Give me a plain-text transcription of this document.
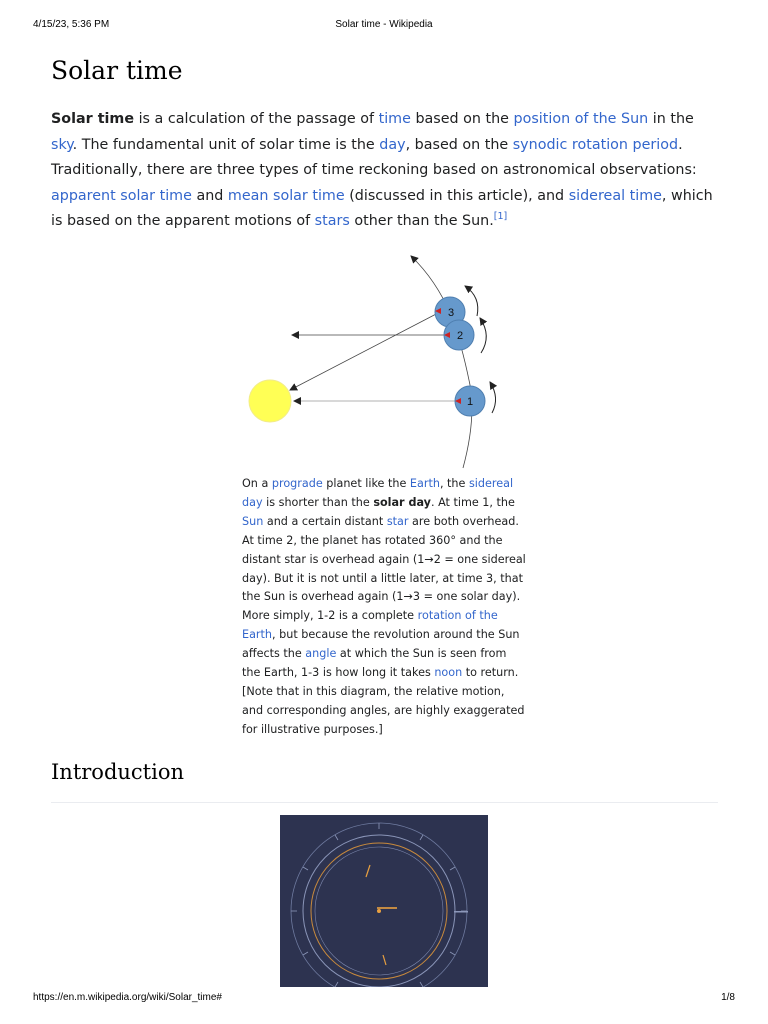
4/15/23, 5:36 PM	Solar time - Wikipedia
Solar time

Solar time is a calculation of the passage of time based on the position of the Sun in the sky. The fundamental unit of solar time is the day, based on the synodic rotation period. Traditionally, there are three types of time reckoning based on astronomical observations: apparent solar time and mean solar time (discussed in this article), and sidereal time, which is based on the apparent motions of stars other than the Sun.[1]

3
2
1

On a prograde planet like the Earth, the sidereal day is shorter than the solar day. At time 1, the Sun and a certain distant star are both overhead. At time 2, the planet has rotated 360° and the distant star is overhead again (1→2 = one sidereal day). But it is not until a little later, at time 3, that the Sun is overhead again (1→3 = one solar day). More simply, 1-2 is a complete rotation of the Earth, but because the revolution around the Sun affects the angle at which the Sun is seen from the Earth, 1-3 is how long it takes noon to return. [Note that in this diagram, the relative motion, and corresponding angles, are highly exaggerated for illustrative purposes.]

Introduction
https://en.m.wikipedia.org/wiki/Solar_time#	1/8
